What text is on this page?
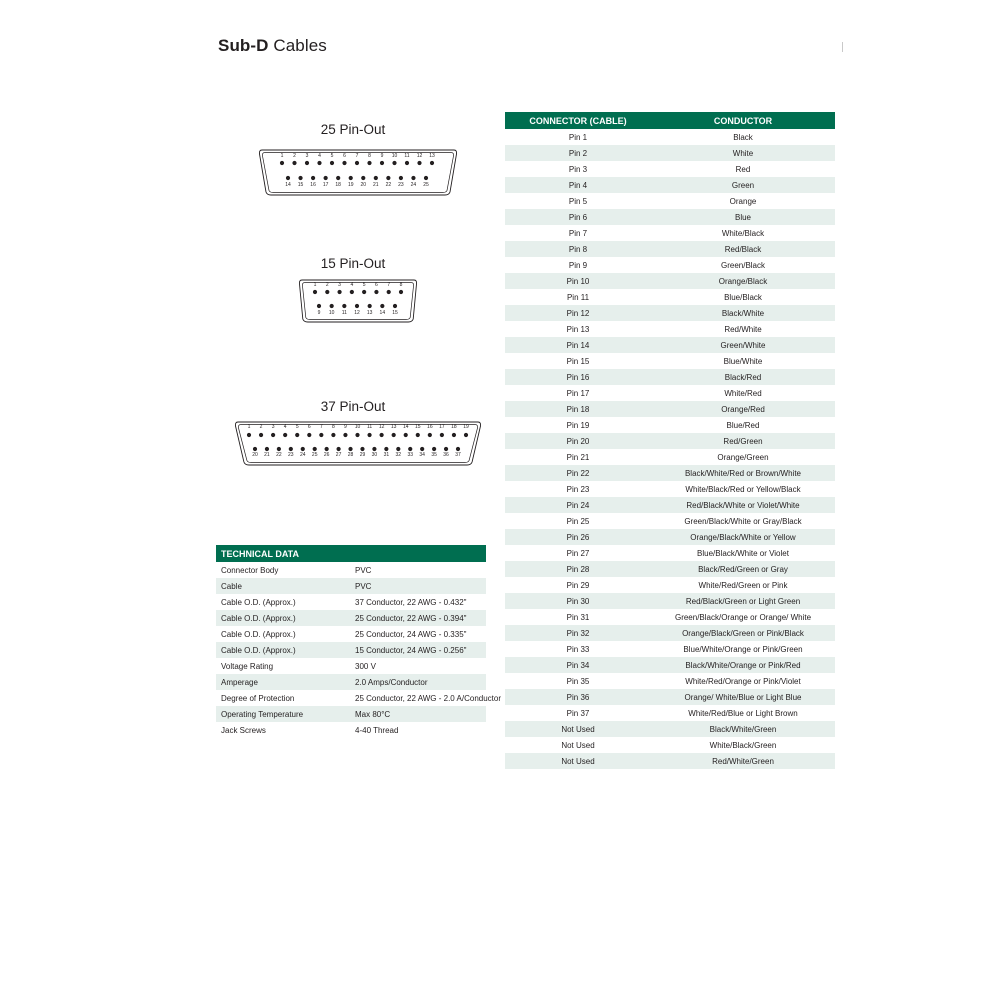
Sub-D Cables
25 Pin-Out
1 2 3 4 5 6 7 8 9 10 11 12 13
14 15 16 17 18 19 20 21 22 23 24 25
15 Pin-Out
1 2 3 4 5 6 7 8
9 10 11 12 13 14 15
37 Pin-Out
1 2 3 4 5 6 7 8 9 10 11 12 13 14 15 16 17 18 19
20 21 22 23 24 25 26 27 28 29 30 31 32 33 34 35 36 37
TECHNICAL DATA	
Connector Body	PVC
Cable	PVC
Cable O.D. (Approx.)	37 Conductor, 22 AWG - 0.432"
Cable O.D. (Approx.)	25 Conductor, 22 AWG - 0.394"
Cable O.D. (Approx.)	25 Conductor, 24 AWG - 0.335"
Cable O.D. (Approx.)	15 Conductor, 24 AWG - 0.256"
Voltage Rating	300 V
Amperage	2.0 Amps/Conductor
Degree of Protection	25 Conductor, 22 AWG - 2.0 A/Conductor
Operating Temperature	Max 80°C
Jack Screws	4-40 Thread
CONNECTOR (CABLE)	CONDUCTOR
Pin 1	Black
Pin 2	White
Pin 3	Red
Pin 4	Green
Pin 5	Orange
Pin 6	Blue
Pin 7	White/Black
Pin 8	Red/Black
Pin 9	Green/Black
Pin 10	Orange/Black
Pin 11	Blue/Black
Pin 12	Black/White
Pin 13	Red/White
Pin 14	Green/White
Pin 15	Blue/White
Pin 16	Black/Red
Pin 17	White/Red
Pin 18	Orange/Red
Pin 19	Blue/Red
Pin 20	Red/Green
Pin 21	Orange/Green
Pin 22	Black/White/Red or Brown/White
Pin 23	White/Black/Red or Yellow/Black
Pin 24	Red/Black/White or Violet/White
Pin 25	Green/Black/White or Gray/Black
Pin 26	Orange/Black/White or Yellow
Pin 27	Blue/Black/White or Violet
Pin 28	Black/Red/Green or Gray
Pin 29	White/Red/Green or Pink
Pin 30	Red/Black/Green or Light Green
Pin 31	Green/Black/Orange or Orange/ White
Pin 32	Orange/Black/Green or Pink/Black
Pin 33	Blue/White/Orange or Pink/Green
Pin 34	Black/White/Orange or Pink/Red
Pin 35	White/Red/Orange or Pink/Violet
Pin 36	Orange/ White/Blue or Light Blue
Pin 37	White/Red/Blue or Light Brown
Not Used	Black/White/Green
Not Used	White/Black/Green
Not Used	Red/White/Green
